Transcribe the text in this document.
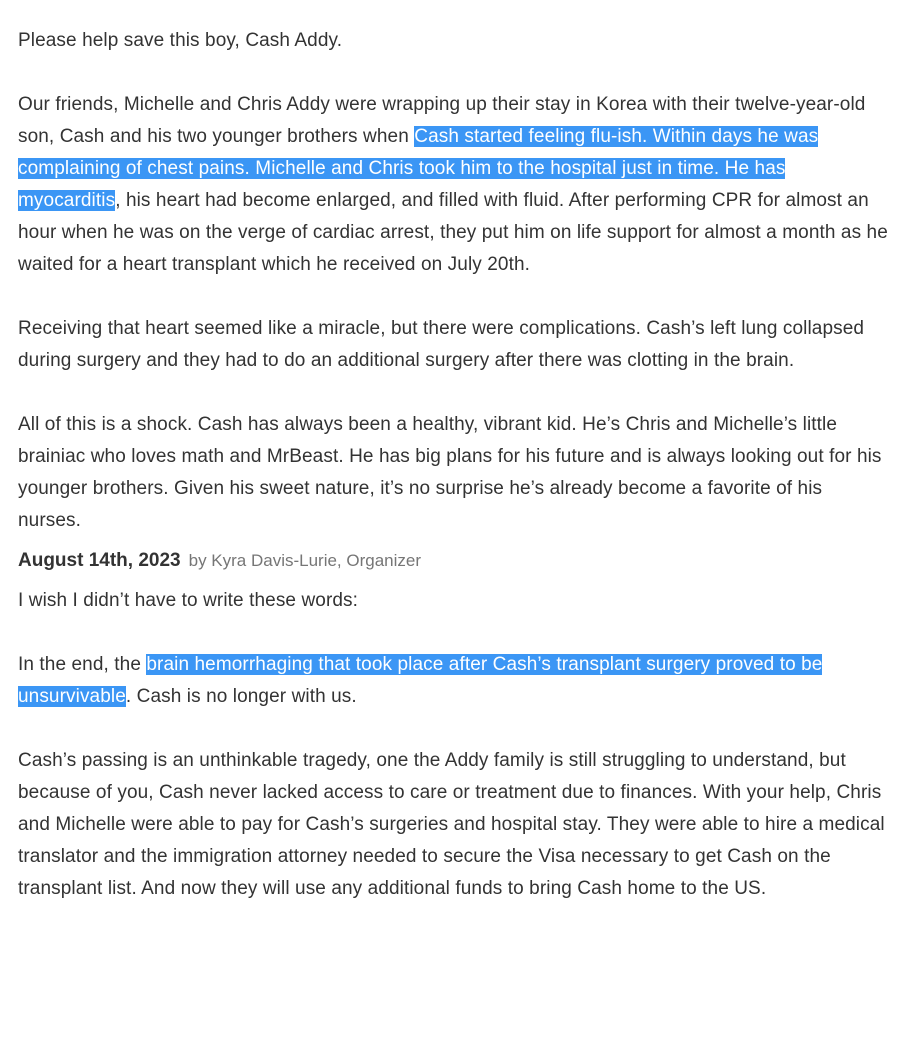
Please help save this boy, Cash Addy.

Our friends, Michelle and Chris Addy were wrapping up their stay in Korea with their twelve-year-old son, Cash and his two younger brothers when Cash started feeling flu-ish. Within days he was complaining of chest pains. Michelle and Chris took him to the hospital just in time. He has myocarditis, his heart had become enlarged, and filled with fluid. After performing CPR for almost an hour when he was on the verge of cardiac arrest, they put him on life support for almost a month as he waited for a heart transplant which he received on July 20th.

Receiving that heart seemed like a miracle, but there were complications. Cash’s left lung collapsed during surgery and they had to do an additional surgery after there was clotting in the brain.

All of this is a shock. Cash has always been a healthy, vibrant kid. He’s Chris and Michelle’s little brainiac who loves math and MrBeast. He has big plans for his future and is always looking out for his younger brothers. Given his sweet nature, it’s no surprise he’s already become a favorite of his nurses.

August 14th, 2023 by Kyra Davis-Lurie, Organizer

I wish I didn’t have to write these words:

In the end, the brain hemorrhaging that took place after Cash’s transplant surgery proved to be unsurvivable. Cash is no longer with us.

Cash’s passing is an unthinkable tragedy, one the Addy family is still struggling to understand, but because of you, Cash never lacked access to care or treatment due to finances. With your help, Chris and Michelle were able to pay for Cash’s surgeries and hospital stay. They were able to hire a medical translator and the immigration attorney needed to secure the Visa necessary to get Cash on the transplant list. And now they will use any additional funds to bring Cash home to the US.
